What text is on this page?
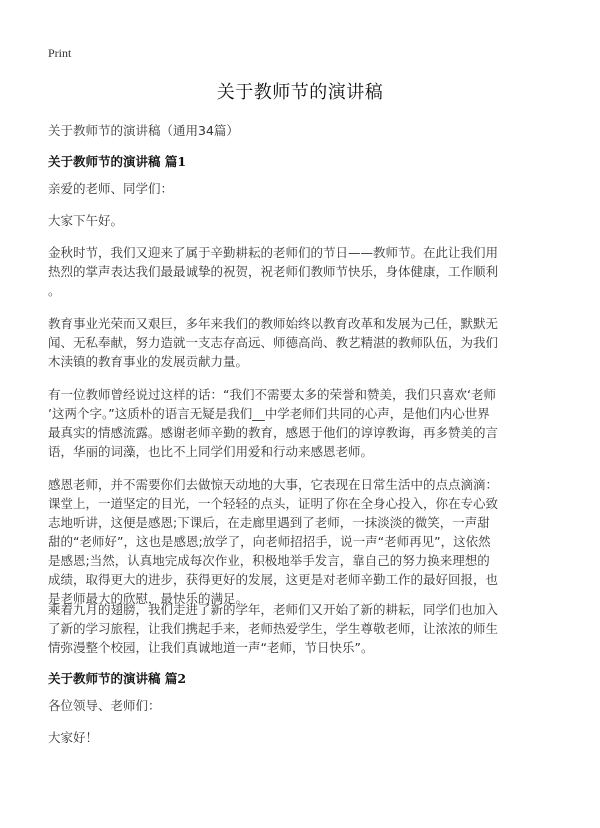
Print
关于教师节的演讲稿
关于教师节的演讲稿（通用34篇）
关于教师节的演讲稿 篇1
亲爱的老师、同学们：
大家下午好。
金秋时节，我们又迎来了属于辛勤耕耘的老师们的节日——教师节。在此让我们用
热烈的掌声表达我们最最诚挚的祝贺，祝老师们教师节快乐，身体健康，工作顺利
。
教育事业光荣而又艰巨，多年来我们的教师始终以教育改革和发展为己任，默默无
闻、无私奉献，努力造就一支志存高远、师德高尚、教艺精湛的教师队伍，为我们
木渎镇的教育事业的发展贡献力量。
有一位教师曾经说过这样的话：“我们不需要太多的荣誉和赞美，我们只喜欢‘老师
’这两个字。”这质朴的语言无疑是我们__中学老师们共同的心声，是他们内心世界
最真实的情感流露。感谢老师辛勤的教育，感恩于他们的谆谆教诲，再多赞美的言
语，华丽的词藻，也比不上同学们用爱和行动来感恩老师。
感恩老师，并不需要你们去做惊天动地的大事，它表现在日常生活中的点点滴滴：
课堂上，一道坚定的目光，一个轻轻的点头，证明了你在全身心投入，你在专心致
志地听讲，这便是感恩;下课后，在走廊里遇到了老师，一抹淡淡的微笑，一声甜
甜的“老师好”，这也是感恩;放学了，向老师招招手，说一声“老师再见”，这依然
是感恩;当然，认真地完成每次作业，积极地举手发言，靠自己的努力换来理想的
成绩，取得更大的进步，获得更好的发展，这更是对老师辛勤工作的最好回报，也
是老师最大的欣慰，最快乐的满足。
乘着九月的翅膀，我们走进了新的学年，老师们又开始了新的耕耘，同学们也加入
了新的学习旅程，让我们携起手来，老师热爱学生，学生尊敬老师，让浓浓的师生
情弥漫整个校园，让我们真诚地道一声“老师，节日快乐”。
关于教师节的演讲稿 篇2
各位领导、老师们：
大家好！
